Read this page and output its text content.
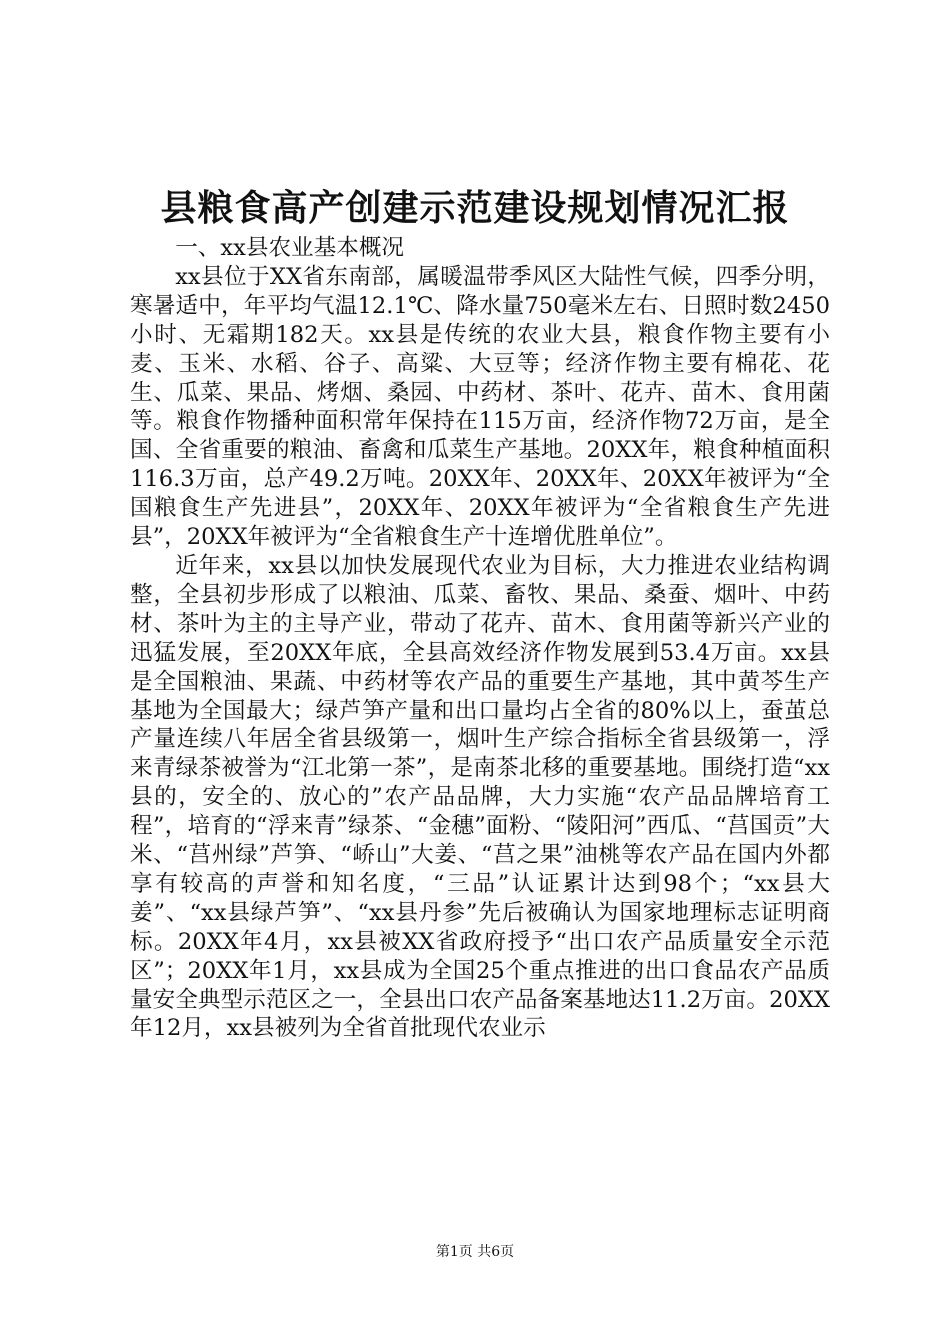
县粮食高产创建示范建设规划情况汇报

一、xx县农业基本概况

xx县位于XX省东南部，属暖温带季风区大陆性气候，四季分明，寒暑适中，年平均气温12.1℃、降水量750毫米左右、日照时数2450小时、无霜期182天。xx县是传统的农业大县，粮食作物主要有小麦、玉米、水稻、谷子、高粱、大豆等；经济作物主要有棉花、花生、瓜菜、果品、烤烟、桑园、中药材、茶叶、花卉、苗木、食用菌等。粮食作物播种面积常年保持在115万亩，经济作物72万亩，是全国、全省重要的粮油、畜禽和瓜菜生产基地。20XX年，粮食种植面积116.3万亩，总产49.2万吨。20XX年、20XX年、20XX年被评为“全国粮食生产先进县”，20XX年、20XX年被评为“全省粮食生产先进县”，20XX年被评为“全省粮食生产十连增优胜单位”。

近年来，xx县以加快发展现代农业为目标，大力推进农业结构调整，全县初步形成了以粮油、瓜菜、畜牧、果品、桑蚕、烟叶、中药材、茶叶为主的主导产业，带动了花卉、苗木、食用菌等新兴产业的迅猛发展，至20XX年底，全县高效经济作物发展到53.4万亩。xx县是全国粮油、果蔬、中药材等农产品的重要生产基地，其中黄芩生产基地为全国最大；绿芦笋产量和出口量均占全省的80%以上，蚕茧总产量连续八年居全省县级第一，烟叶生产综合指标全省县级第一，浮来青绿茶被誉为“江北第一茶”，是南茶北移的重要基地。围绕打造“xx县的，安全的、放心的”农产品品牌，大力实施“农产品品牌培育工程”，培育的“浮来青”绿茶、“金穗”面粉、“陵阳河”西瓜、“莒国贡”大米、“莒州绿”芦笋、“峤山”大姜、“莒之果”油桃等农产品在国内外都享有较高的声誉和知名度，“三品”认证累计达到98个；“xx县大姜”、“xx县绿芦笋”、“xx县丹参”先后被确认为国家地理标志证明商标。20XX年4月，xx县被XX省政府授予“出口农产品质量安全示范区”；20XX年1月，xx县成为全国25个重点推进的出口食品农产品质量安全典型示范区之一，全县出口农产品备案基地达11.2万亩。20XX年12月，xx县被列为全省首批现代农业示

第1页 共6页
